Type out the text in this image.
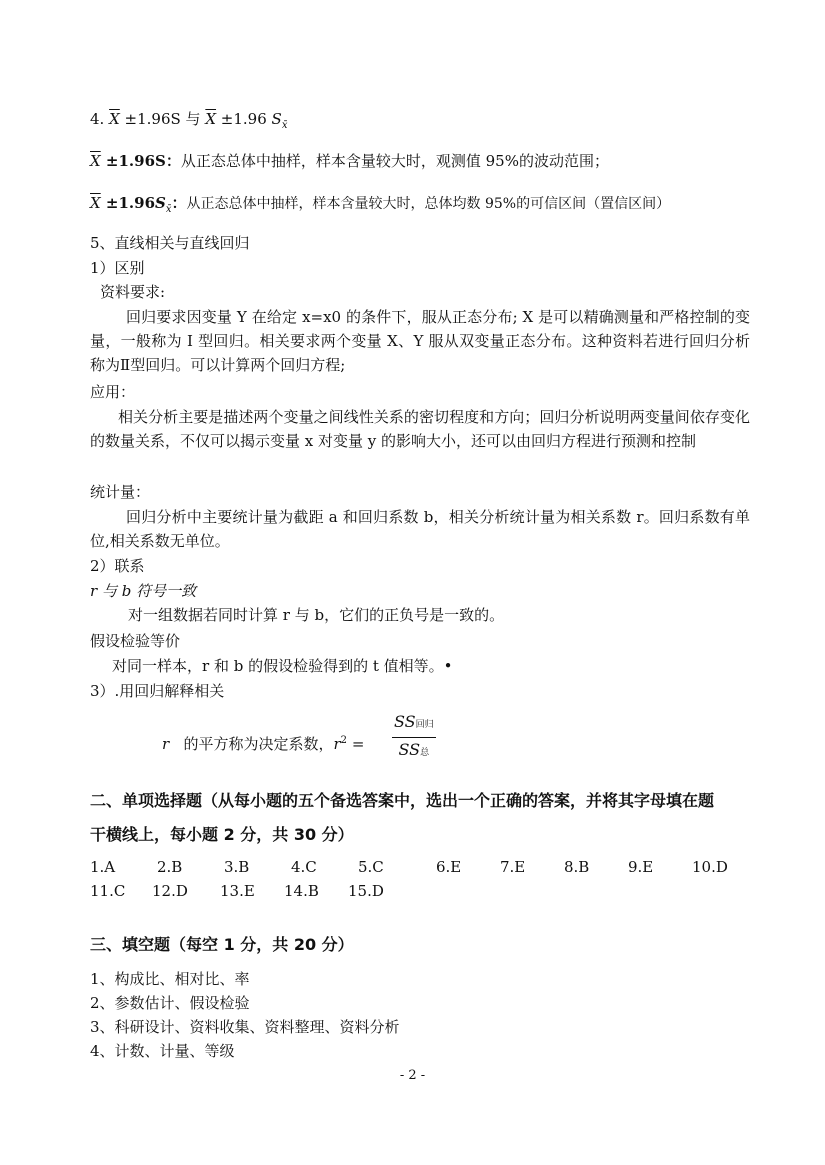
4. $\overline{X} \pm 1.96S$ 与 $\overline{X} \pm 1.96$ $S_{x̄}$
$\overline{X} \pm 1.96S$：从正态总体中抽样，样本含量较大时，观测值 95%的波动范围；
$\overline{X} \pm 1.96S_{x̄}$：从正态总体中抽样，样本含量较大时，总体均数 95%的可信区间（置信区间）
5、直线相关与直线回归
1）区别
资料要求:
回归要求因变量 Y 在给定 x=x0 的条件下，服从正态分布; X 是可以精确测量和严格控制的变量，一般称为 I 型回归。相关要求两个变量 X、Y 服从双变量正态分布。这种资料若进行回归分析称为Ⅱ型回归。可以计算两个回归方程;
应用：
相关分析主要是描述两个变量之间线性关系的密切程度和方向；回归分析说明两变量间依存变化的数量关系，不仅可以揭示变量 x 对变量 y 的影响大小，还可以由回归方程进行预测和控制
统计量：
回归分析中主要统计量为截距 a 和回归系数 b，相关分析统计量为相关系数 r。回归系数有单位,相关系数无单位。
2）联系
r 与 b 符号一致
对一组数据若同时计算 r 与 b，它们的正负号是一致的。
假设检验等价
对同一样本，r 和 b 的假设检验得到的 t 值相等。•
3）.用回归解释相关
r 的平方称为决定系数，$r^2$ =
SS回归
SS总
二、单项选择题（从每小题的五个备选答案中，选出一个正确的答案，并将其字母填在题
干横线上，每小题 2 分，共 30 分）
1.A	2.B	3.B	4.C	5.C	6.E	7.E	8.B	9.E	10.D
11.C	12.D	13.E	14.B	15.D
三、填空题（每空 1 分，共 20 分）
1、构成比、相对比、率
2、参数估计、假设检验
3、科研设计、资料收集、资料整理、资料分析
4、计数、计量、等级
- 2 -
